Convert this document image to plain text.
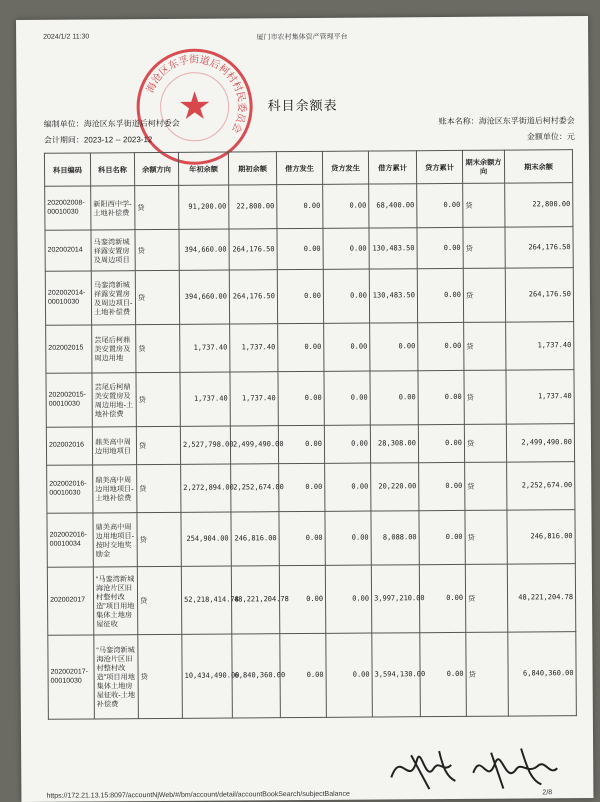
2024/1/2 11:30	厦门市农村集体资产管理平台
海沧区东孚街道后柯村村民委员会
★	科目余额表
编制单位：海沧区东孚街道后柯村委会
会计期间：2023-12 -- 2023-12
账本名称：海沧区东孚街道后柯村委会
金额单位：元
科目编码	科目名称	余额方向	年初余额	期初余额	借方发生	贷方发生	借方累计	贷方累计	期末余额方向	期末余额
202002008-00010030	新阳西中学-土地补偿费	贷	91,200.00	22,800.00	0.00	0.00	68,400.00	0.00	贷	22,800.00
202002014	马銮湾新城祥露安置房及周边项目	贷	394,660.00	264,176.50	0.00	0.00	130,483.50	0.00	贷	264,176.50
202002014-00010030	马銮湾新城祥露安置房及周边项目-土地补偿费	贷	394,660.00	264,176.50	0.00	0.00	130,483.50	0.00	贷	264,176.50
202002015	芸尾后柯鼎美安置房及周边用地	贷	1,737.40	1,737.40	0.00	0.00	0.00	0.00	贷	1,737.40
202002015-00010030	芸尾后柯鼎美安置房及周边用地-土地补偿费	贷	1,737.40	1,737.40	0.00	0.00	0.00	0.00	贷	1,737.40
202002016	鼎美高中周边用地项目	贷	2,527,798.00	2,499,490.00	0.00	0.00	28,308.00	0.00	贷	2,499,490.00
202002016-00010030	鼎美高中周边用地项目-土地补偿费	贷	2,272,894.00	2,252,674.00	0.00	0.00	20,220.00	0.00	贷	2,252,674.00
202002016-00010034	鼎美高中周边用地项目-按时交地奖励金	贷	254,904.00	246,816.00	0.00	0.00	8,088.00	0.00	贷	246,816.00
202002017	“马銮湾新城海沧片区旧村整村改造”项目用地集体土地房屋征收	贷	52,218,414.78	48,221,204.78	0.00	0.00	3,997,210.00	0.00	贷	48,221,204.78
202002017-00010030	“马銮湾新城海沧片区旧村整村改造”项目用地集体土地房屋征收-土地补偿费	贷	10,434,490.00	6,840,360.00	0.00	0.00	3,594,130.00	0.00	贷	6,840,360.00
https://172.21.13.15:8097/accountNjWeb/#/bm/account/detail/accountBookSearch/subjectBalance	2/8
